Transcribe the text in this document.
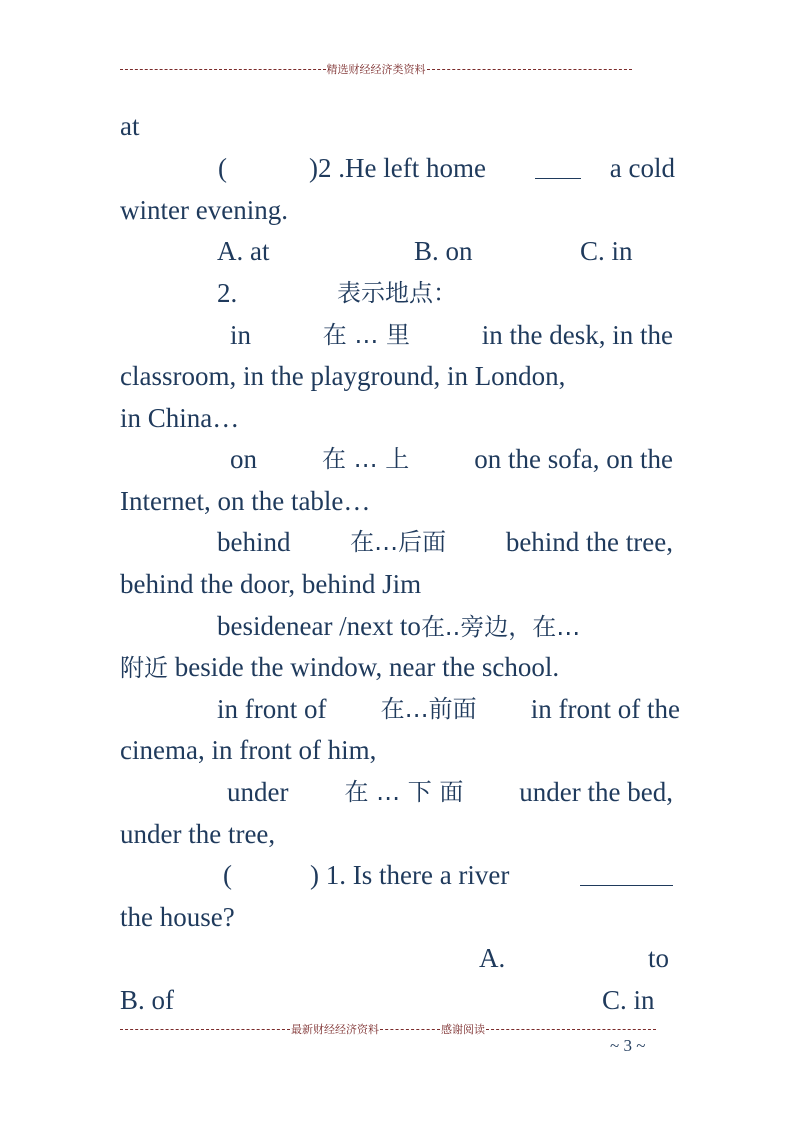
精选财经经济类资料
at
(	)2 .He left home	a cold
winter evening.
A. at	B. on	C. in
2.	表示地点：
in	在 … 里	in the desk, in the
classroom, in the playground, in London,
in China…
on	在 … 上 on the sofa, on the
Internet, on the table…
behind 在…后面 behind the tree,
behind the door, behind Jim
besidenear /next to在..旁边，在…
附近 beside the window, near the school.
in front of 在…前面 in front of the
cinema, in front of him,
under 在 … 下 面 under the bed,
under the tree,
(	) 1. Is there a river
the house?
A.	to
B. of	C. in
最新财经经济资料	感谢阅读
~ 3 ~
